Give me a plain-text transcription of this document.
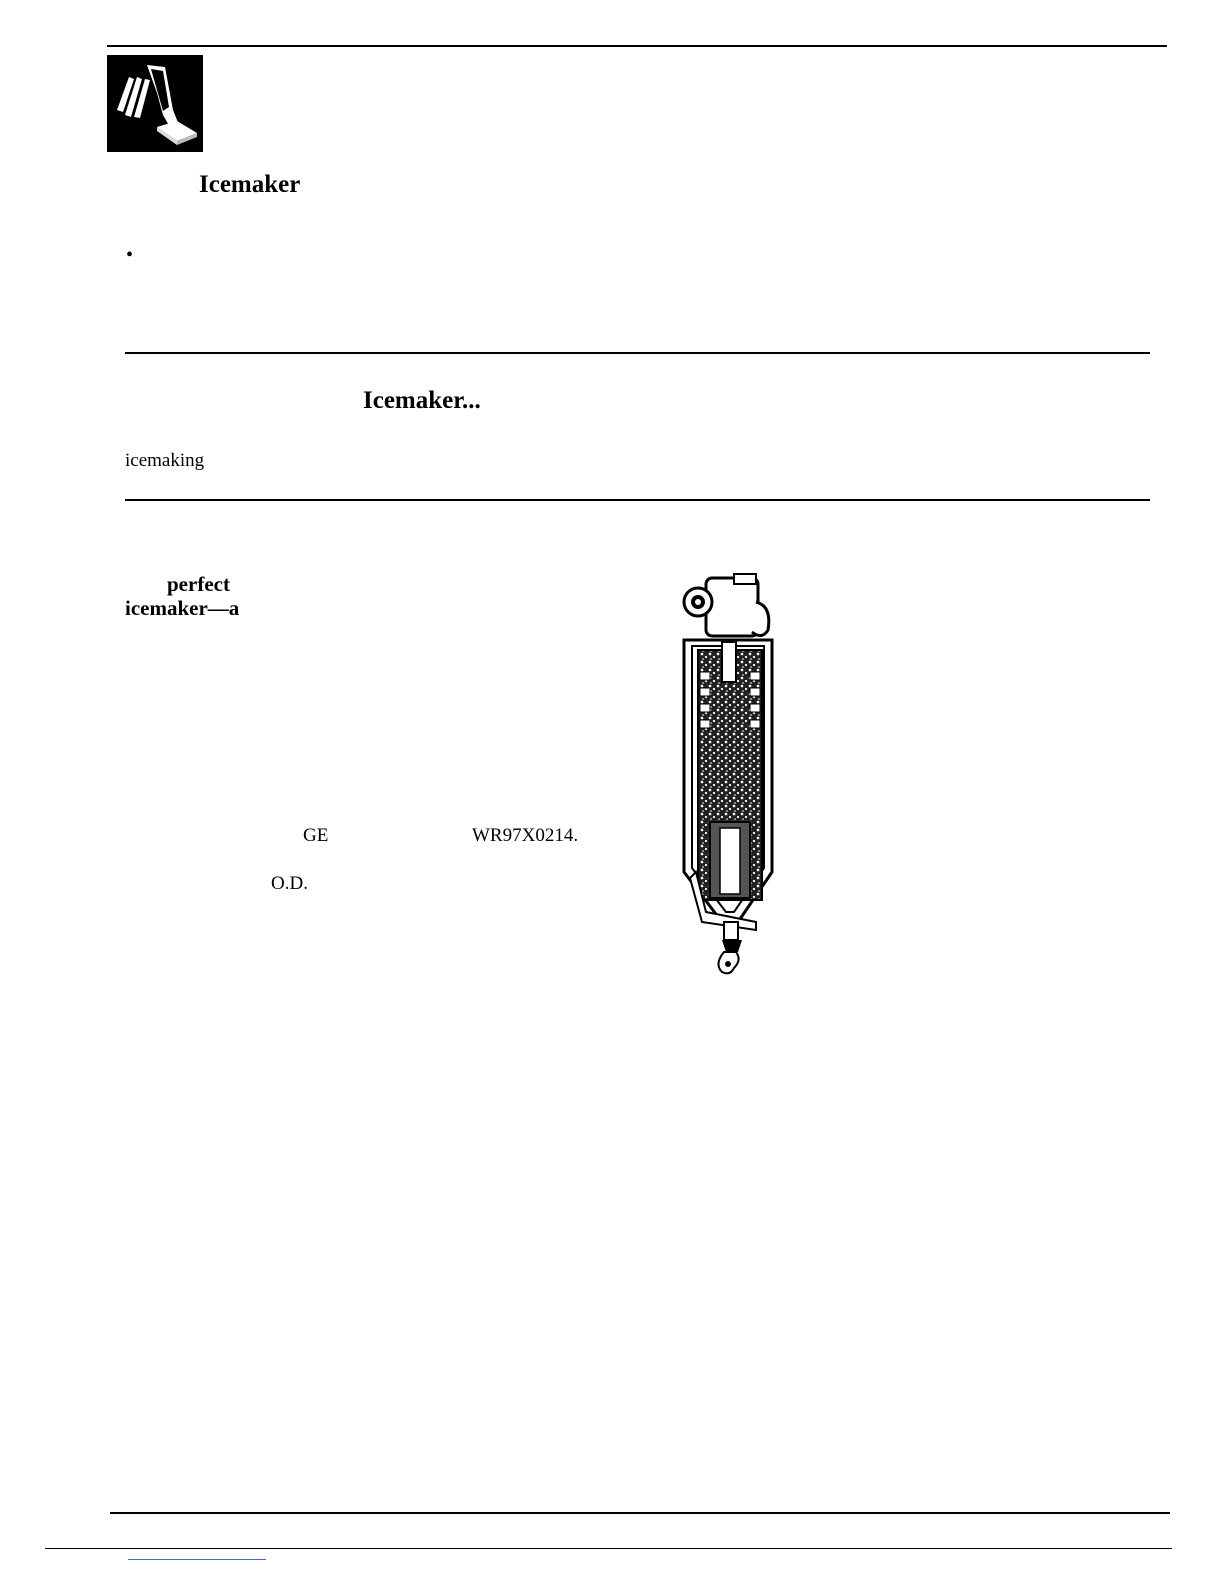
Icemaker
•
Icemaker...
icemaking
perfect
icemaker—a
GE	WR97X0214.
O.D.
